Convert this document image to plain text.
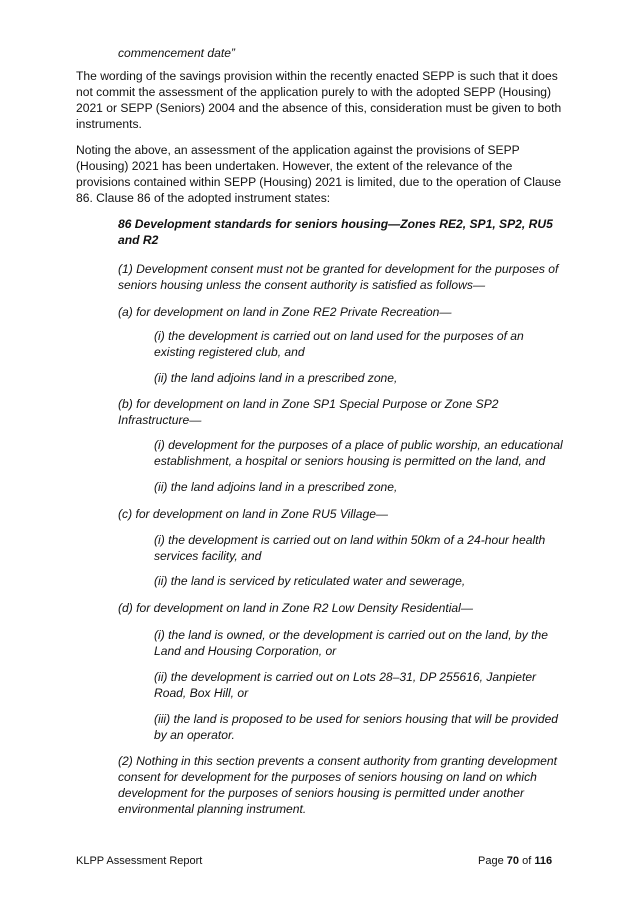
commencement date”

The wording of the savings provision within the recently enacted SEPP is such that it does not commit the assessment of the application purely to with the adopted SEPP (Housing) 2021 or SEPP (Seniors) 2004 and the absence of this, consideration must be given to both instruments.

Noting the above, an assessment of the application against the provisions of SEPP (Housing) 2021 has been undertaken. However, the extent of the relevance of the provisions contained within SEPP (Housing) 2021 is limited, due to the operation of Clause 86. Clause 86 of the adopted instrument states:

86 Development standards for seniors housing—Zones RE2, SP1, SP2, RU5 and R2

(1) Development consent must not be granted for development for the purposes of seniors housing unless the consent authority is satisfied as follows—

(a) for development on land in Zone RE2 Private Recreation—

(i) the development is carried out on land used for the purposes of an existing registered club, and

(ii) the land adjoins land in a prescribed zone,

(b) for development on land in Zone SP1 Special Purpose or Zone SP2 Infrastructure—

(i) development for the purposes of a place of public worship, an educational establishment, a hospital or seniors housing is permitted on the land, and

(ii) the land adjoins land in a prescribed zone,

(c) for development on land in Zone RU5 Village—

(i) the development is carried out on land within 50km of a 24-hour health services facility, and

(ii) the land is serviced by reticulated water and sewerage,

(d) for development on land in Zone R2 Low Density Residential—

(i) the land is owned, or the development is carried out on the land, by the Land and Housing Corporation, or

(ii) the development is carried out on Lots 28–31, DP 255616, Janpieter Road, Box Hill, or

(iii) the land is proposed to be used for seniors housing that will be provided by an operator.

(2) Nothing in this section prevents a consent authority from granting development consent for development for the purposes of seniors housing on land on which development for the purposes of seniors housing is permitted under another environmental planning instrument.

KLPP Assessment Report	Page 70 of 116
